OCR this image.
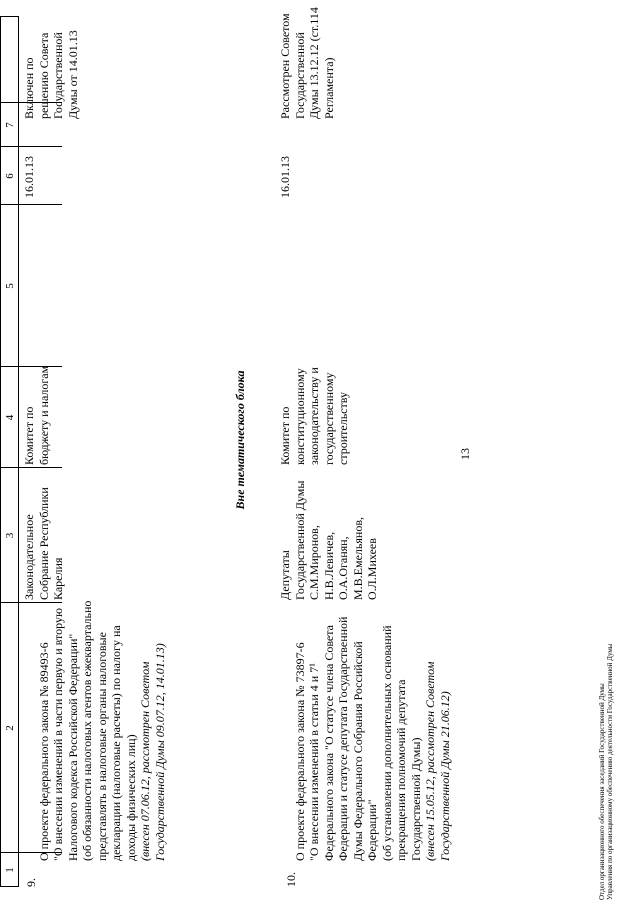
13
1
2
3
4
5
6
7
9.

О проекте федерального закона № 89493-6
"О внесении изменений в части первую и вторую Налогового кодекса Российской Федерации"
(об обязанности налоговых агентов ежеквартально представлять в налоговые органы налоговые декларации (налоговые расчеты) по налогу на доходы физических лиц) (внесен 07.06.12, рассмотрен Советом Государственной Думы 09.07.12, 14.01.13)

Законодательное Собрание Республики Карелия
Комитет по бюджету и налогам
16.01.13
Включен по решению Совета Государственной Думы от 14.01.13
Вне тематического блока
10.

О проекте федерального закона № 73897-6
"О внесении изменений в статьи 4 и 7¹ Федерального закона "О статусе члена Совета Федерации и статусе депутата Государственной Думы Федерального Собрания Российской Федерации"
(об установлении дополнительных оснований прекращения полномочий депутата Государственной Думы) (внесен 15.05.12, рассмотрен Советом Государственной Думы 21.06.12)

Депутаты Государственной Думы С.М.Миронов, Н.В.Левичев, О.А.Оганян, М.В.Емельянов, О.Л.Михеев
Комитет по конституционному законодательству и государственному строительству
16.01.13
Рассмотрен Советом Государственной Думы 13.12.12 (ст.114 Регламента)
Отдел организационного обеспечения заседаний Государственной Думы Управления по организационному обеспечению деятельности Государственной Думы
